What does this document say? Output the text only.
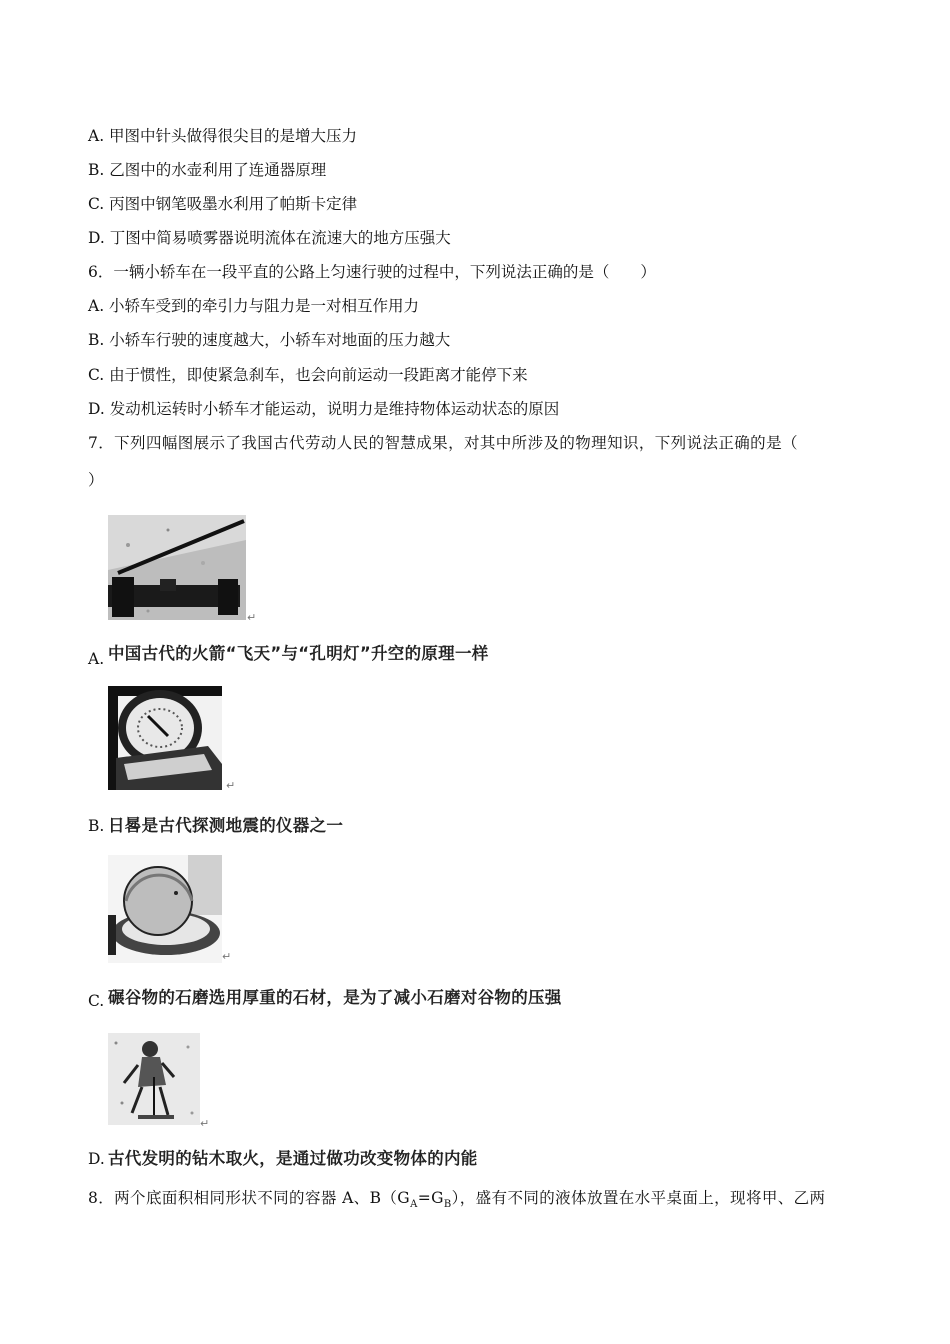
A. 甲图中针头做得很尖目的是增大压力
B. 乙图中的水壶利用了连通器原理
C. 丙图中钢笔吸墨水利用了帕斯卡定律
D. 丁图中简易喷雾器说明流体在流速大的地方压强大
6．一辆小轿车在一段平直的公路上匀速行驶的过程中，下列说法正确的是（　　）
A. 小轿车受到的牵引力与阻力是一对相互作用力
B. 小轿车行驶的速度越大，小轿车对地面的压力越大
C. 由于惯性，即使紧急刹车，也会向前运动一段距离才能停下来
D. 发动机运转时小轿车才能运动，说明力是维持物体运动状态的原因
7．下列四幅图展示了我国古代劳动人民的智慧成果，对其中所涉及的物理知识，下列说法正确的是（
）
↵
A. 中国古代的火箭“飞天”与“孔明灯”升空的原理一样
↵
B. 日晷是古代探测地震的仪器之一
↵
C. 碾谷物的石磨选用厚重的石材，是为了减小石磨对谷物的压强
↵
D. 古代发明的钻木取火，是通过做功改变物体的内能
8．两个底面积相同形状不同的容器 A、$B(G_A=G_B)$，盛有不同的液体放置在水平桌面上，现将甲、乙两
